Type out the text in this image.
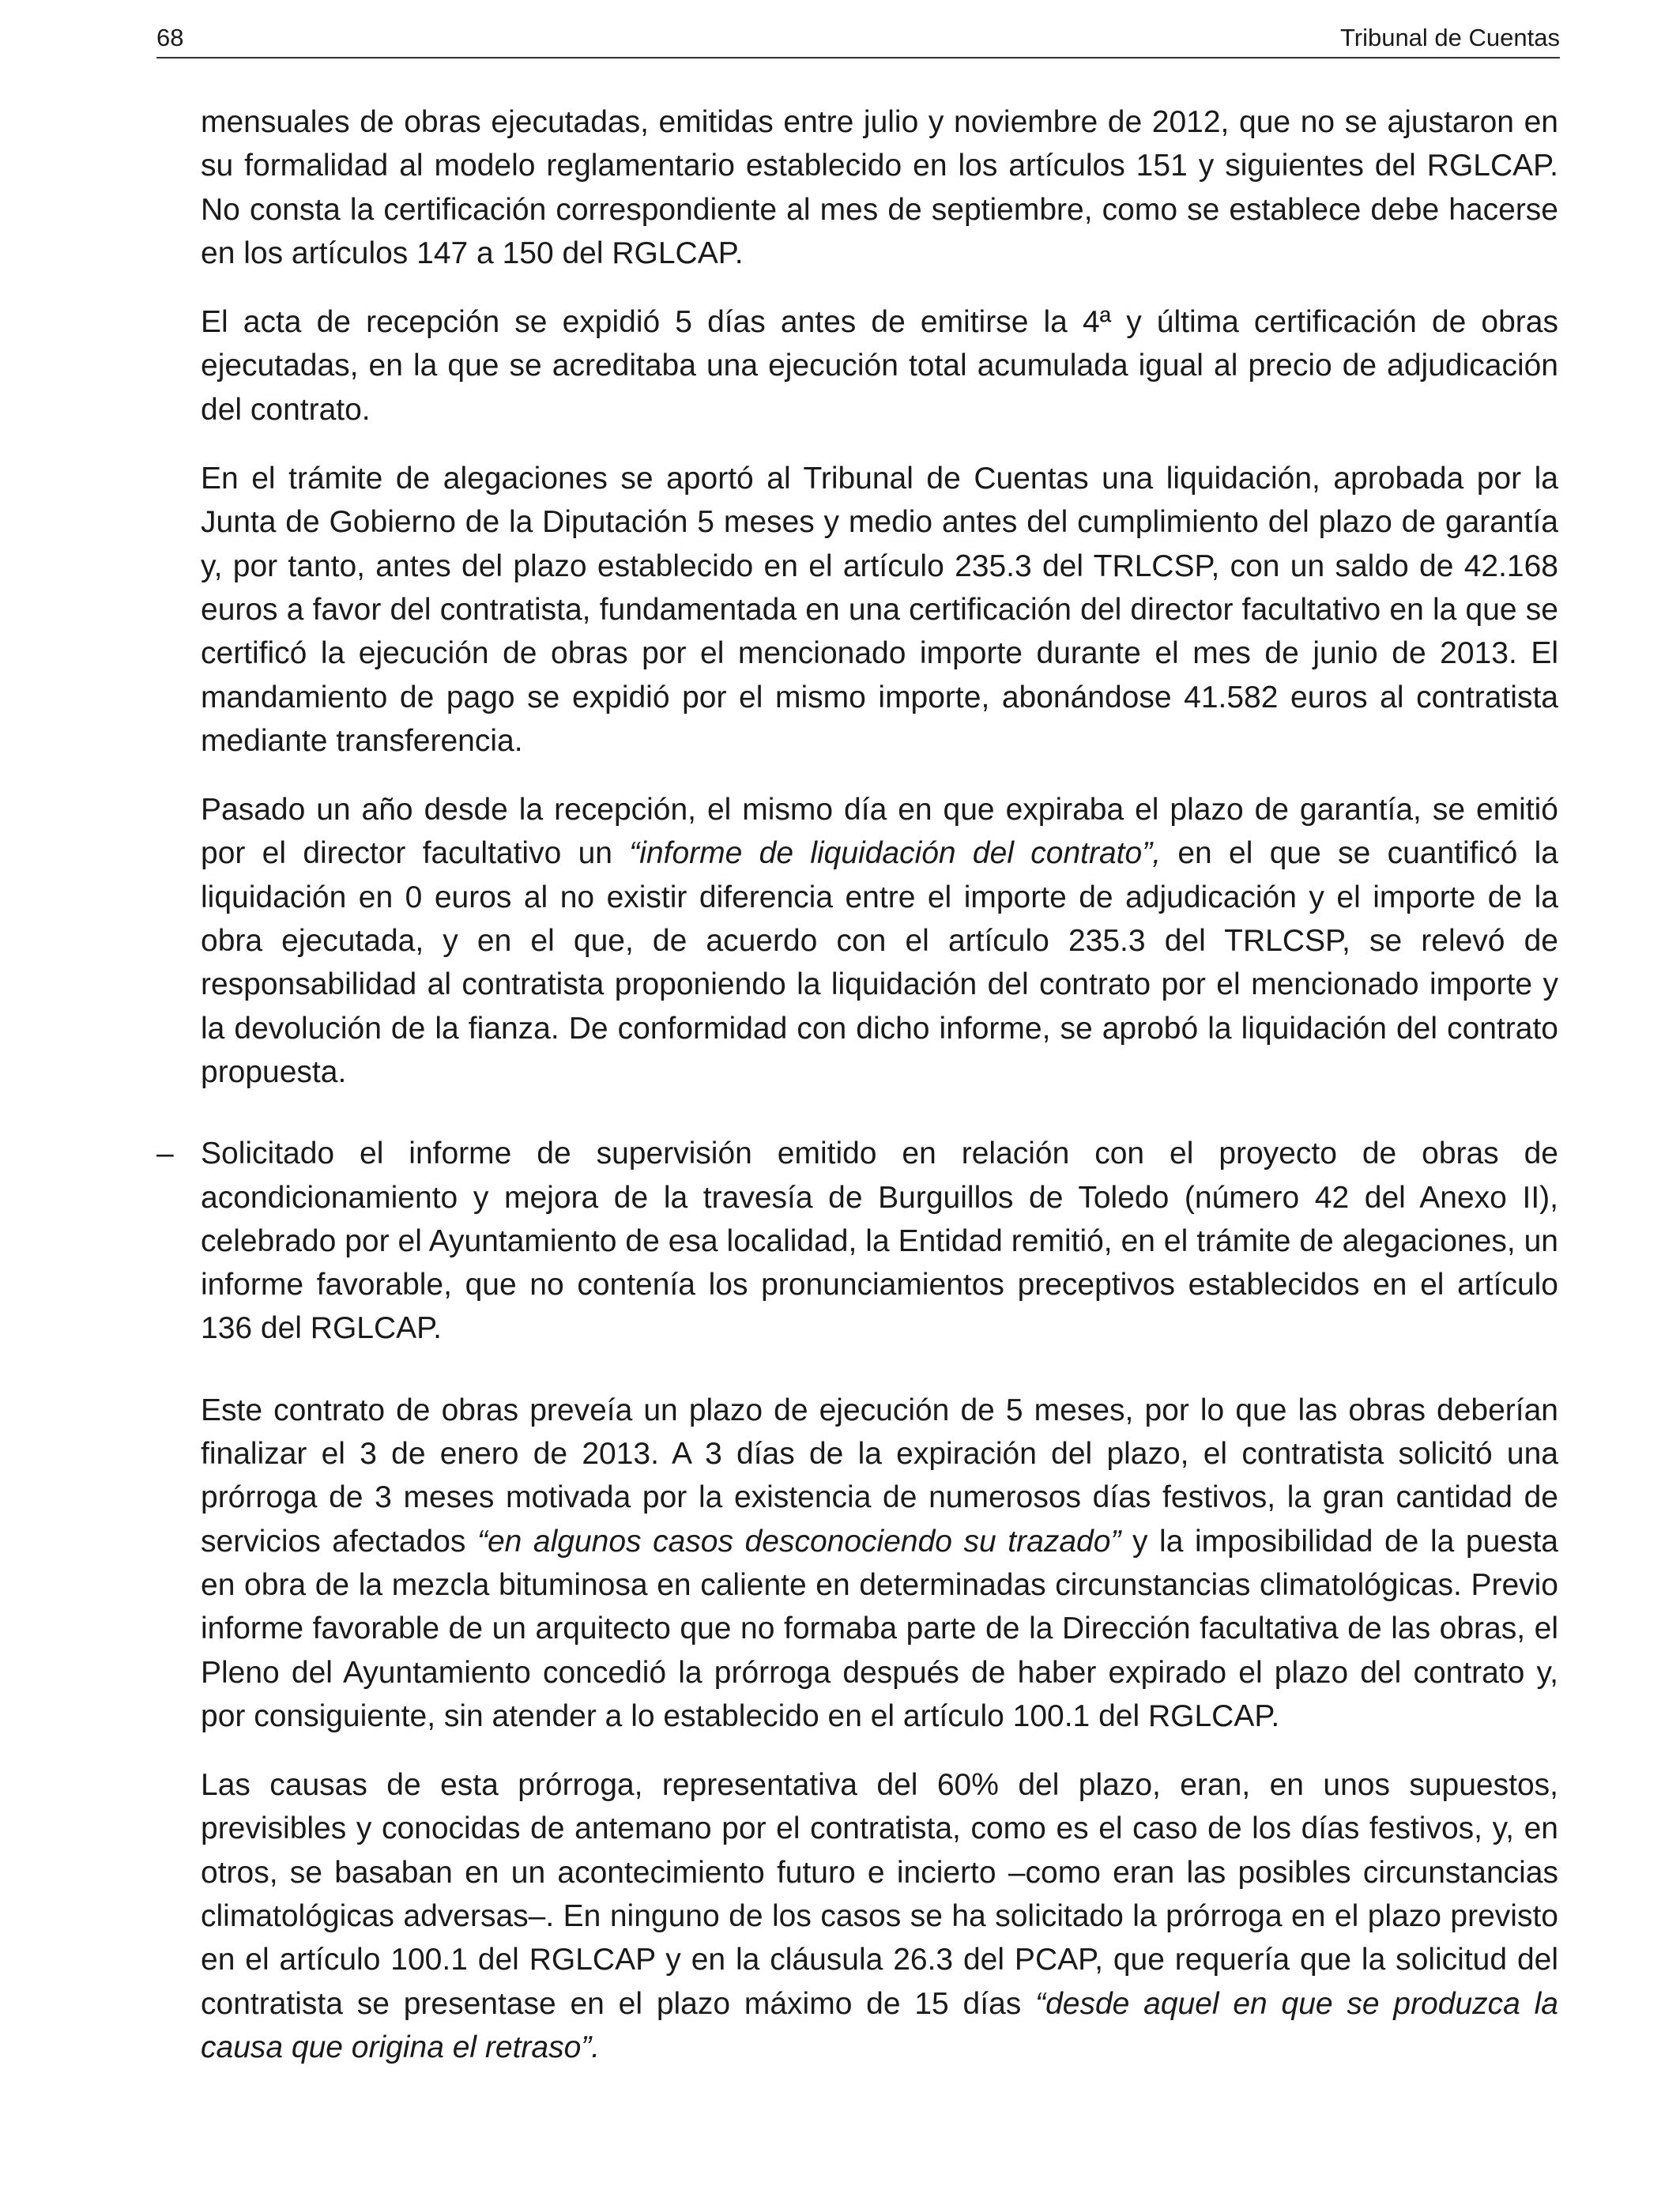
68	Tribunal de Cuentas

mensuales de obras ejecutadas, emitidas entre julio y noviembre de 2012, que no se ajustaron en su formalidad al modelo reglamentario establecido en los artículos 151 y siguientes del RGLCAP. No consta la certificación correspondiente al mes de septiembre, como se establece debe hacerse en los artículos 147 a 150 del RGLCAP.

El acta de recepción se expidió 5 días antes de emitirse la 4ª y última certificación de obras ejecutadas, en la que se acreditaba una ejecución total acumulada igual al precio de adjudicación del contrato.

En el trámite de alegaciones se aportó al Tribunal de Cuentas una liquidación, aprobada por la Junta de Gobierno de la Diputación 5 meses y medio antes del cumplimiento del plazo de garantía y, por tanto, antes del plazo establecido en el artículo 235.3 del TRLCSP, con un saldo de 42.168 euros a favor del contratista, fundamentada en una certificación del director facultativo en la que se certificó la ejecución de obras por el mencionado importe durante el mes de junio de 2013. El mandamiento de pago se expidió por el mismo importe, abonándose 41.582 euros al contratista mediante transferencia.

Pasado un año desde la recepción, el mismo día en que expiraba el plazo de garantía, se emitió por el director facultativo un “informe de liquidación del contrato”, en el que se cuantificó la liquidación en 0 euros al no existir diferencia entre el importe de adjudicación y el importe de la obra ejecutada, y en el que, de acuerdo con el artículo 235.3 del TRLCSP, se relevó de responsabilidad al contratista proponiendo la liquidación del contrato por el mencionado importe y la devolución de la fianza. De conformidad con dicho informe, se aprobó la liquidación del contrato propuesta.

– Solicitado el informe de supervisión emitido en relación con el proyecto de obras de acondicionamiento y mejora de la travesía de Burguillos de Toledo (número 42 del Anexo II), celebrado por el Ayuntamiento de esa localidad, la Entidad remitió, en el trámite de alegaciones, un informe favorable, que no contenía los pronunciamientos preceptivos establecidos en el artículo 136 del RGLCAP.

Este contrato de obras preveía un plazo de ejecución de 5 meses, por lo que las obras deberían finalizar el 3 de enero de 2013. A 3 días de la expiración del plazo, el contratista solicitó una prórroga de 3 meses motivada por la existencia de numerosos días festivos, la gran cantidad de servicios afectados “en algunos casos desconociendo su trazado” y la imposibilidad de la puesta en obra de la mezcla bituminosa en caliente en determinadas circunstancias climatológicas. Previo informe favorable de un arquitecto que no formaba parte de la Dirección facultativa de las obras, el Pleno del Ayuntamiento concedió la prórroga después de haber expirado el plazo del contrato y, por consiguiente, sin atender a lo establecido en el artículo 100.1 del RGLCAP.

Las causas de esta prórroga, representativa del 60% del plazo, eran, en unos supuestos, previsibles y conocidas de antemano por el contratista, como es el caso de los días festivos, y, en otros, se basaban en un acontecimiento futuro e incierto –como eran las posibles circunstancias climatológicas adversas–. En ninguno de los casos se ha solicitado la prórroga en el plazo previsto en el artículo 100.1 del RGLCAP y en la cláusula 26.3 del PCAP, que requería que la solicitud del contratista se presentase en el plazo máximo de 15 días “desde aquel en que se produzca la causa que origina el retraso”.
